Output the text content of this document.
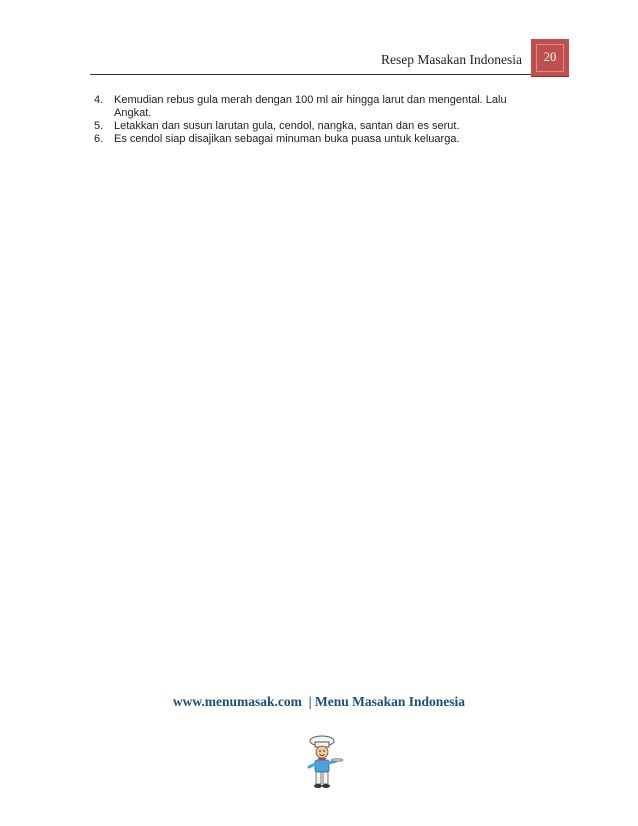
Resep Masakan Indonesia 20
4. Kemudian rebus gula merah dengan 100 ml air hingga larut dan mengental. Lalu Angkat.
5. Letakkan dan susun larutan gula, cendol, nangka, santan dan es serut.
6. Es cendol siap disajikan sebagai minuman buka puasa untuk keluarga.
www.menumasak.com  | Menu Masakan Indonesia
